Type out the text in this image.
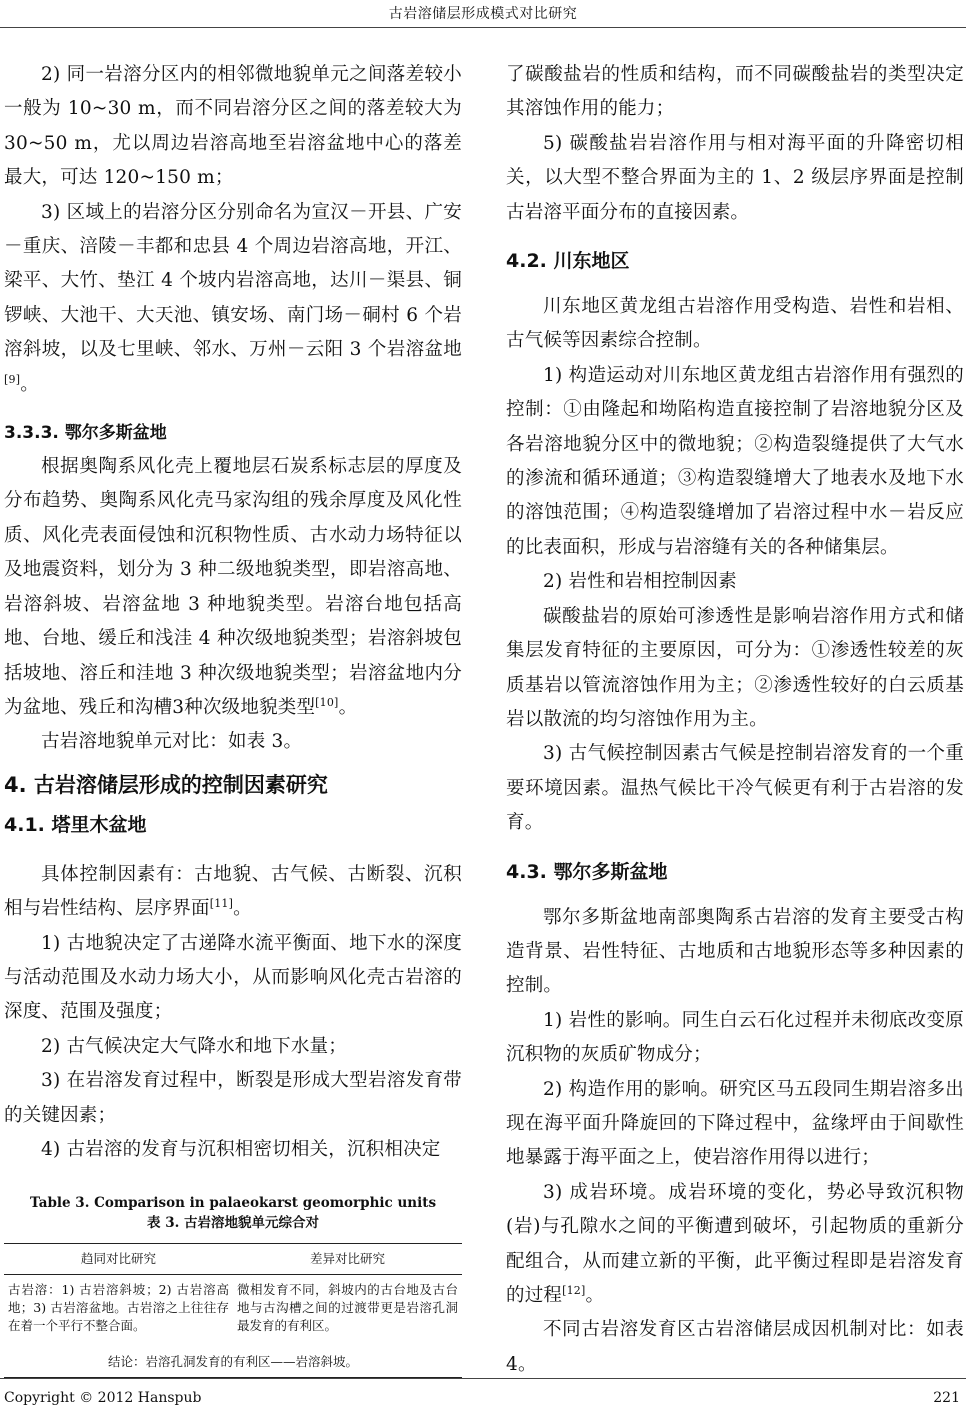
古岩溶储层形成模式对比研究

2) 同一岩溶分区内的相邻微地貌单元之间落差较小一般为 10~30 m，而不同岩溶分区之间的落差较大为 30~50 m，尤以周边岩溶高地至岩溶盆地中心的落差最大，可达 120~150 m；

3) 区域上的岩溶分区分别命名为宣汉－开县、广安－重庆、涪陵－丰都和忠县 4 个周边岩溶高地，开江、梁平、大竹、垫江 4 个坡内岩溶高地，达川－渠县、铜锣峡、大池干、大天池、镇安场、南门场－硐村 6 个岩溶斜坡，以及七里峡、邻水、万州－云阳 3 个岩溶盆地[9]。

3.3.3. 鄂尔多斯盆地

根据奥陶系风化壳上覆地层石炭系标志层的厚度及分布趋势、奥陶系风化壳马家沟组的残余厚度及风化性质、风化壳表面侵蚀和沉积物性质、古水动力场特征以及地震资料，划分为 3 种二级地貌类型，即岩溶高地、岩溶斜坡、岩溶盆地 3 种地貌类型。岩溶台地包括高地、台地、缓丘和浅洼 4 种次级地貌类型；岩溶斜坡包括坡地、溶丘和洼地 3 种次级地貌类型；岩溶盆地内分为盆地、残丘和沟槽3种次级地貌类型[10]。

古岩溶地貌单元对比：如表 3。

4. 古岩溶储层形成的控制因素研究
4.1. 塔里木盆地

具体控制因素有：古地貌、古气候、古断裂、沉积相与岩性结构、层序界面[11]。

1) 古地貌决定了古递降水流平衡面、地下水的深度与活动范围及水动力场大小，从而影响风化壳古岩溶的深度、范围及强度；

2) 古气候决定大气降水和地下水量；

3) 在岩溶发育过程中，断裂是形成大型岩溶发育带的关键因素；

4) 古岩溶的发育与沉积相密切相关，沉积相决定

Table 3. Comparison in palaeokarst geomorphic units
表 3. 古岩溶地貌单元综合对
趋同对比研究	差异对比研究
古岩溶：1) 古岩溶斜坡；2) 古岩溶高地；3) 古岩溶盆地。古岩溶之上往往存在着一个平行不整合面。	微相发育不同，斜坡内的古台地及古台地与古沟槽之间的过渡带更是岩溶孔洞最发育的有利区。
结论：岩溶孔洞发育的有利区——岩溶斜坡。	

了碳酸盐岩的性质和结构，而不同碳酸盐岩的类型决定其溶蚀作用的能力；

5) 碳酸盐岩岩溶作用与相对海平面的升降密切相关，以大型不整合界面为主的 1、2 级层序界面是控制古岩溶平面分布的直接因素。

4.2. 川东地区

川东地区黄龙组古岩溶作用受构造、岩性和岩相、古气候等因素综合控制。

1) 构造运动对川东地区黄龙组古岩溶作用有强烈的控制：①由隆起和坳陷构造直接控制了岩溶地貌分区及各岩溶地貌分区中的微地貌；②构造裂缝提供了大气水的渗流和循环通道；③构造裂缝增大了地表水及地下水的溶蚀范围；④构造裂缝增加了岩溶过程中水－岩反应的比表面积，形成与岩溶缝有关的各种储集层。

2) 岩性和岩相控制因素

碳酸盐岩的原始可渗透性是影响岩溶作用方式和储集层发育特征的主要原因，可分为：①渗透性较差的灰质基岩以管流溶蚀作用为主；②渗透性较好的白云质基岩以散流的均匀溶蚀作用为主。

3) 古气候控制因素古气候是控制岩溶发育的一个重要环境因素。温热气候比干冷气候更有利于古岩溶的发育。

4.3. 鄂尔多斯盆地

鄂尔多斯盆地南部奥陶系古岩溶的发育主要受古构造背景、岩性特征、古地质和古地貌形态等多种因素的控制。

1) 岩性的影响。同生白云石化过程并未彻底改变原沉积物的灰质矿物成分；

2) 构造作用的影响。研究区马五段同生期岩溶多出现在海平面升降旋回的下降过程中，盆缘坪由于间歇性地暴露于海平面之上，使岩溶作用得以进行；

3) 成岩环境。成岩环境的变化，势必导致沉积物(岩)与孔隙水之间的平衡遭到破坏，引起物质的重新分配组合，从而建立新的平衡，此平衡过程即是岩溶发育的过程[12]。

不同古岩溶发育区古岩溶储层成因机制对比：如表 4。

Copyright © 2012 Hanspub	221
